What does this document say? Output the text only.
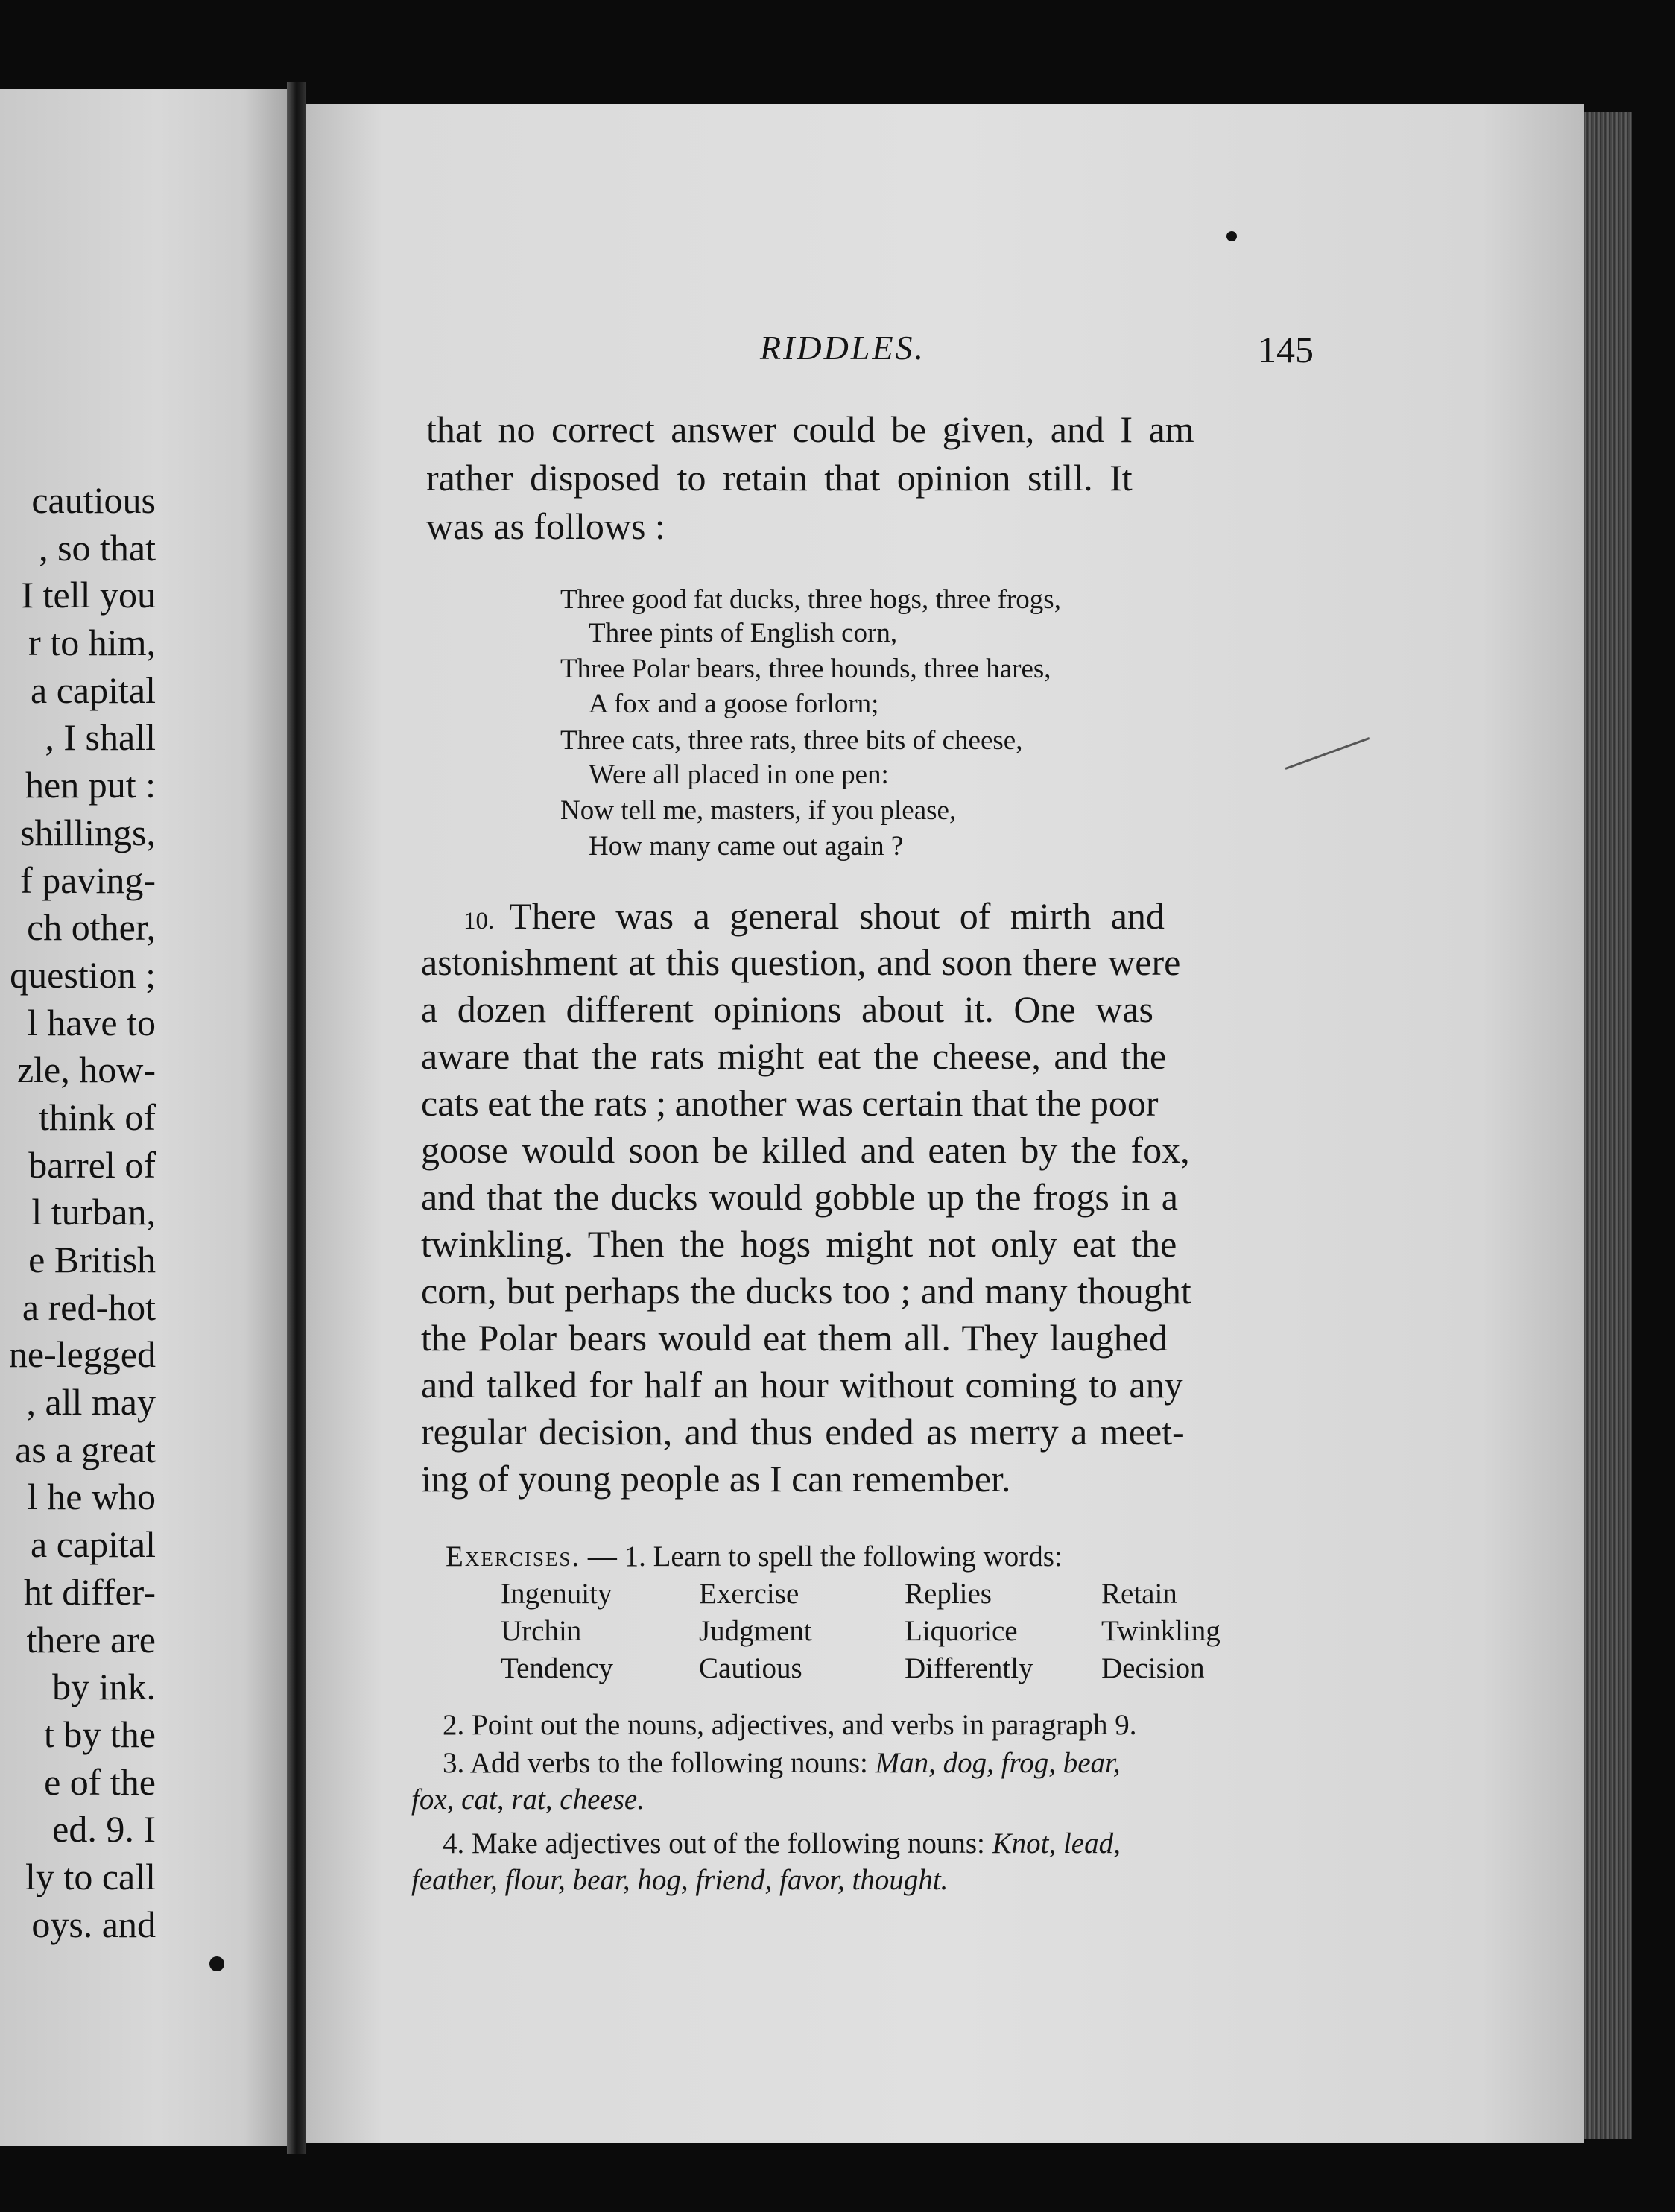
cautious
, so that
I tell you
r to him,
a capital
, I shall
hen put :
shillings,
f paving-
ch other,
question ;
l have to
zle, how-
think of
barrel of
l turban,
e British
a red-hot
ne-legged
, all may
as a great
l he who
a capital
ht differ-
there are
by ink.
t by the
e of the
ed. 9. I
ly to call
oys. and
RIDDLES.	145
that no correct answer could be given, and I am
rather disposed to retain that opinion still. It
was as follows :
Three good fat ducks, three hogs, three frogs,
Three pints of English corn,
Three Polar bears, three hounds, three hares,
A fox and a goose forlorn;
Three cats, three rats, three bits of cheese,
Were all placed in one pen:
Now tell me, masters, if you please,
How many came out again ?
10. There was a general shout of mirth and
astonishment at this question, and soon there were
a dozen different opinions about it. One was
aware that the rats might eat the cheese, and the
cats eat the rats ; another was certain that the poor
goose would soon be killed and eaten by the fox,
and that the ducks would gobble up the frogs in a
twinkling. Then the hogs might not only eat the
corn, but perhaps the ducks too ; and many thought
the Polar bears would eat them all. They laughed
and talked for half an hour without coming to any
regular decision, and thus ended as merry a meet-
ing of young people as I can remember.
Exercises. — 1. Learn to spell the following words:
Ingenuity	Exercise	Replies	Retain
Urchin	Judgment	Liquorice	Twinkling
Tendency	Cautious	Differently Decision
2. Point out the nouns, adjectives, and verbs in paragraph 9.
3. Add verbs to the following nouns: Man, dog, frog, bear,
fox, cat, rat, cheese.
4. Make adjectives out of the following nouns: Knot, lead,
feather, flour, bear, hog, friend, favor, thought.
